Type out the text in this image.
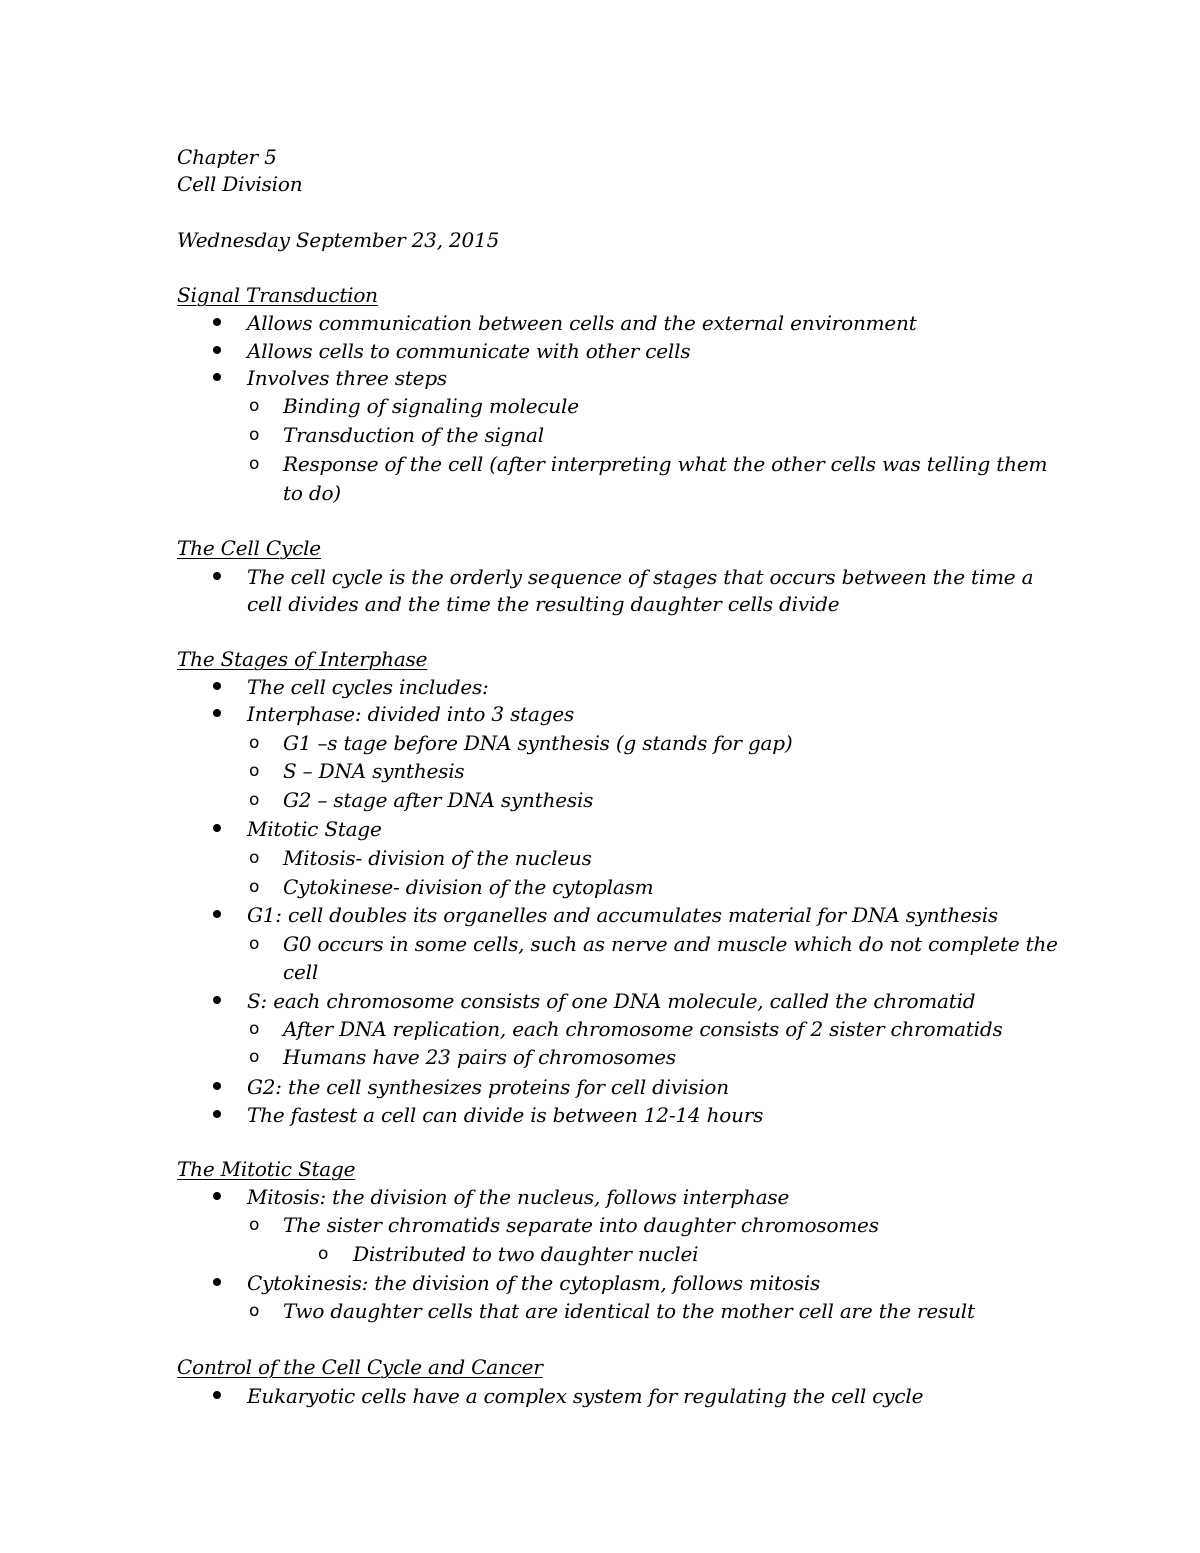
Chapter 5
Cell Division
Wednesday September 23, 2015
Signal Transduction
Allows communication between cells and the external environment
Allows cells to communicate with other cells
Involves three steps
o Binding of signaling molecule
o Transduction of the signal
o Response of the cell (after interpreting what the other cells was telling them
to do)
The Cell Cycle
The cell cycle is the orderly sequence of stages that occurs between the time a
cell divides and the time the resulting daughter cells divide
The Stages of Interphase
The cell cycles includes:
Interphase: divided into 3 stages
o G1 –s tage before DNA synthesis (g stands for gap)
o S – DNA synthesis
o G2 – stage after DNA synthesis
Mitotic Stage
o Mitosis- division of the nucleus
o Cytokinese- division of the cytoplasm
G1: cell doubles its organelles and accumulates material for DNA synthesis
o G0 occurs in some cells, such as nerve and muscle which do not complete the
cell
S: each chromosome consists of one DNA molecule, called the chromatid
o After DNA replication, each chromosome consists of 2 sister chromatids
o Humans have 23 pairs of chromosomes
G2: the cell synthesizes proteins for cell division
The fastest a cell can divide is between 12-14 hours
The Mitotic Stage
Mitosis: the division of the nucleus, follows interphase
o The sister chromatids separate into daughter chromosomes
o Distributed to two daughter nuclei
Cytokinesis: the division of the cytoplasm, follows mitosis
o Two daughter cells that are identical to the mother cell are the result
Control of the Cell Cycle and Cancer
Eukaryotic cells have a complex system for regulating the cell cycle
